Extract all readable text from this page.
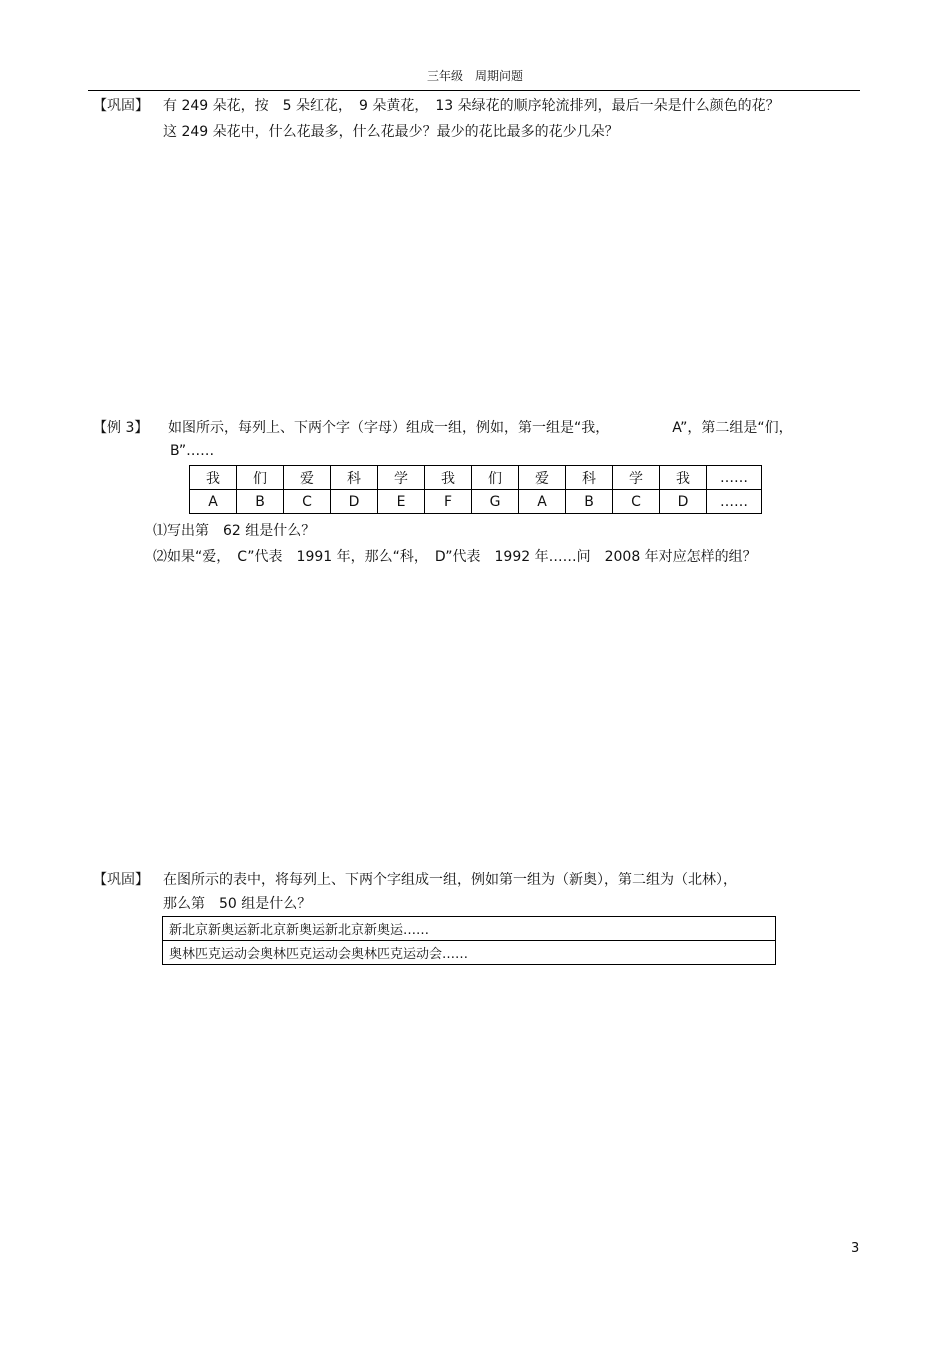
三年级　周期问题
【巩固】 有 249 朵花，按　5 朵红花，　9 朵黄花，　13 朵绿花的顺序轮流排列，最后一朵是什么颜色的花？
这 249 朵花中，什么花最多，什么花最少？最少的花比最多的花少几朵？
【例 3】 如图所示，每列上、下两个字（字母）组成一组，例如，第一组是“我，　　　　　A”，第二组是“们，
B”……
我	们	爱	科	学	我	们	爱	科	学	我	……
A	B	C	D	E	F	G	A	B	C	D	……
⑴写出第　62 组是什么？
⑵如果“爱，　C”代表　1991 年，那么“科，　D”代表　1992 年……问　2008 年对应怎样的组？
【巩固】 在图所示的表中，将每列上、下两个字组成一组，例如第一组为（新奥），第二组为（北林），
那么第　50 组是什么？
新北京新奥运新北京新奥运新北京新奥运……
奥林匹克运动会奥林匹克运动会奥林匹克运动会……
3
